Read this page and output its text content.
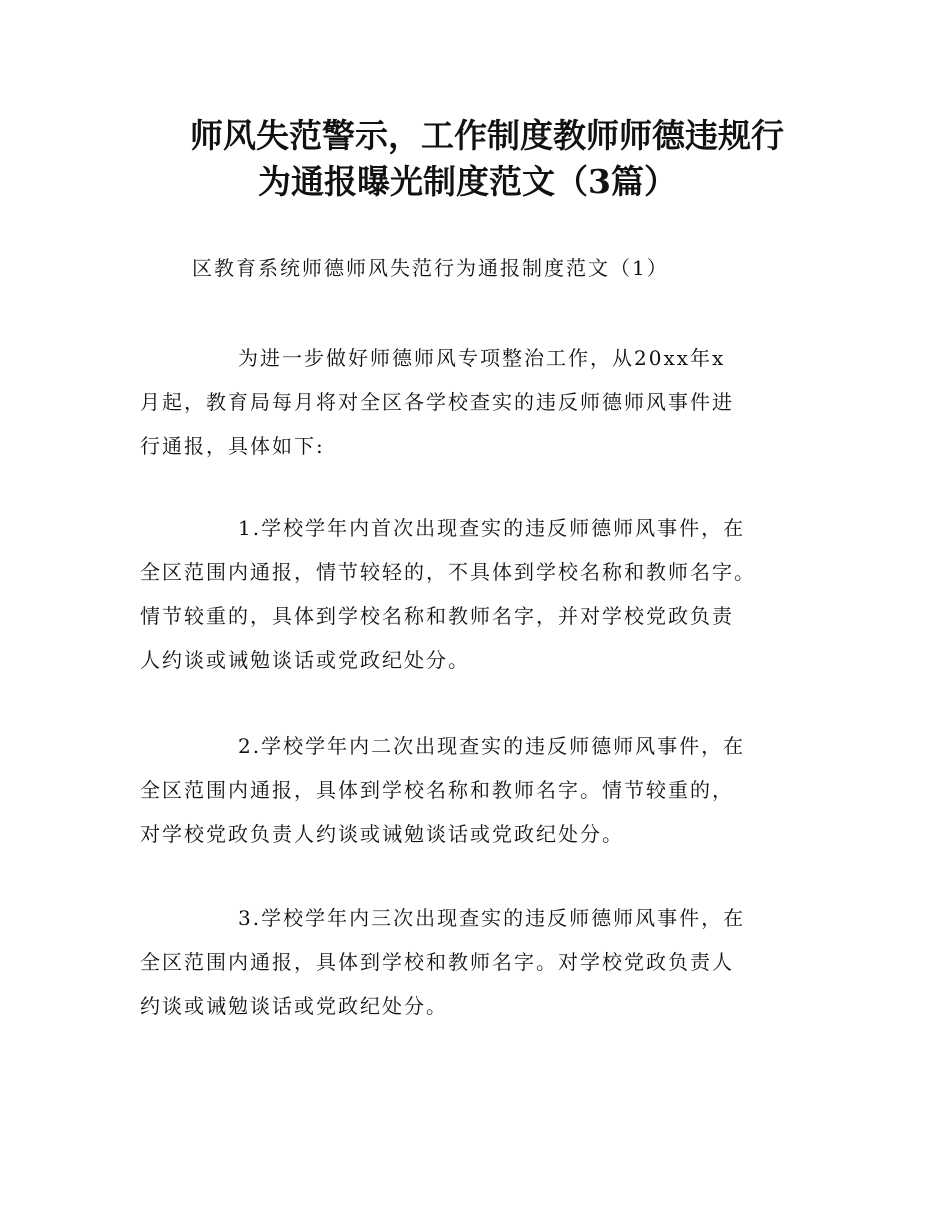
师风失范警示，工作制度教师师德违规行
为通报曝光制度范文（3篇）
区教育系统师德师风失范行为通报制度范文（1）
为进一步做好师德师风专项整治工作，从20xx年x
月起，教育局每月将对全区各学校查实的违反师德师风事件进
行通报，具体如下:
1.学校学年内首次出现查实的违反师德师风事件，在
全区范围内通报，情节较轻的，不具体到学校名称和教师名字。
情节较重的，具体到学校名称和教师名字，并对学校党政负责
人约谈或诫勉谈话或党政纪处分。
2.学校学年内二次出现查实的违反师德师风事件，在
全区范围内通报，具体到学校名称和教师名字。情节较重的，
对学校党政负责人约谈或诫勉谈话或党政纪处分。
3.学校学年内三次出现查实的违反师德师风事件，在
全区范围内通报，具体到学校和教师名字。对学校党政负责人
约谈或诫勉谈话或党政纪处分。
